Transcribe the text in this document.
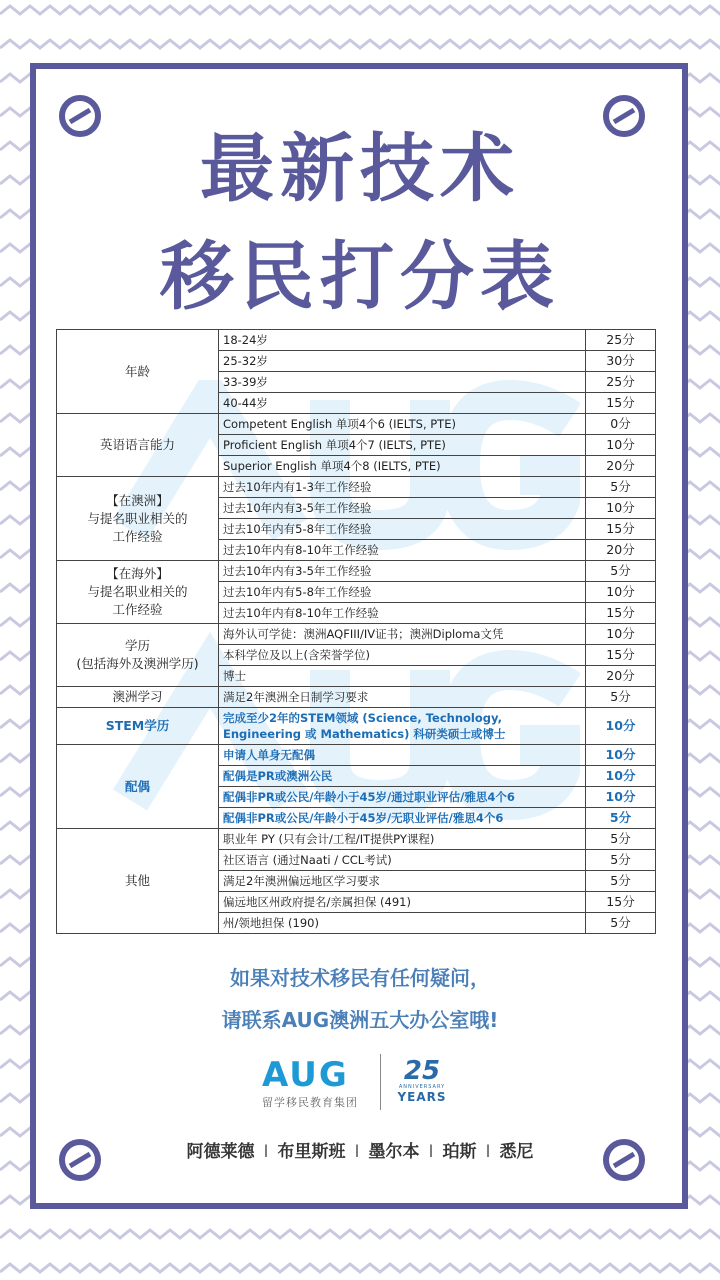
最新技术
移民打分表
年龄	18-24岁	25分
	25-32岁	30分
	33-39岁	25分
	40-44岁	15分
英语语言能力	Competent English 单项4个6 (IELTS, PTE)	0分
	Proficient English 单项4个7 (IELTS, PTE)	10分
	Superior English 单项4个8 (IELTS, PTE)	20分
【在澳洲】
与提名职业相关的
工作经验	过去10年内有1-3年工作经验	5分
	过去10年内有3-5年工作经验	10分
	过去10年内有5-8年工作经验	15分
	过去10年内有8-10年工作经验	20分
【在海外】
与提名职业相关的
工作经验	过去10年内有3-5年工作经验	5分
	过去10年内有5-8年工作经验	10分
	过去10年内有8-10年工作经验	15分
学历
(包括海外及澳洲学历)	海外认可学徒：澳洲AQFIII/IV证书；澳洲Diploma文凭	10分
	本科学位及以上(含荣誉学位)	15分
	博士	20分
澳洲学习	满足2年澳洲全日制学习要求	5分
STEM学历	完成至少2年的STEM领域 (Science, Technology, Engineering 或 Mathematics) 科研类硕士或博士	10分
配偶	申请人单身无配偶	10分
	配偶是PR或澳洲公民	10分
	配偶非PR或公民/年龄小于45岁/通过职业评估/雅思4个6	10分
	配偶非PR或公民/年龄小于45岁/无职业评估/雅思4个6	5分
其他	职业年 PY (只有会计/工程/IT提供PY课程)	5分
	社区语言 (通过Naati / CCL考试)	5分
	满足2年澳洲偏远地区学习要求	5分
	偏远地区州政府提名/亲属担保 (491)	15分
	州/领地担保 (190)	5分
如果对技术移民有任何疑问，
请联系AUG澳洲五大办公室哦!
AUG
留学移民教育集团
25
ANNIVERSARY
YEARS
阿德莱德 I 布里斯班 I 墨尔本 I 珀斯 I 悉尼
